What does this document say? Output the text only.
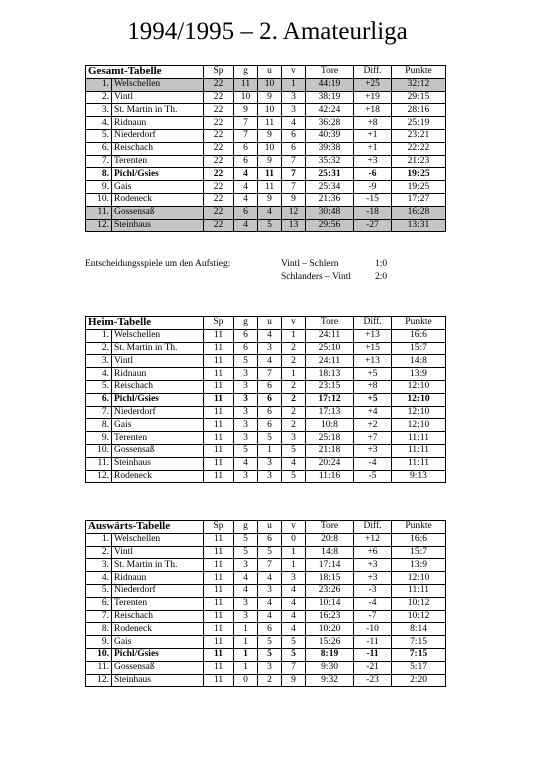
1994/1995 – 2. Amateurliga
Gesamt-Tabelle		Sp	g	u	v	Tore	Diff.	Punkte
1.	Welschellen	22	11	10	1	44:19	+25	32:12
2.	Vintl	22	10	9	3	38:19	+19	29:15
3.	St. Martin in Th.	22	9	10	3	42:24	+18	28:16
4.	Ridnaun	22	7	11	4	36:28	+8	25:19
5.	Niederdorf	22	7	9	6	40:39	+1	23:21
6.	Reischach	22	6	10	6	39:38	+1	22:22
7.	Terenten	22	6	9	7	35:32	+3	21:23
8.	Pichl/Gsies	22	4	11	7	25:31	-6	19:25
9.	Gais	22	4	11	7	25:34	-9	19:25
10.	Rodeneck	22	4	9	9	21:36	-15	17:27
11.	Gossensaß	22	6	4	12	30:48	-18	16:28
12.	Steinhaus	22	4	5	13	29:56	-27	13:31
Entscheidungsspiele um den Aufstieg:	Vintl – Schlern	1:0
Schlanders – Vintl	2:0
Heim-Tabelle		Sp	g	u	v	Tore	Diff.	Punkte
1.	Welschellen	11	6	4	1	24:11	+13	16:6
2.	St. Martin in Th.	11	6	3	2	25:10	+15	15:7
3.	Vintl	11	5	4	2	24:11	+13	14:8
4.	Ridnaun	11	3	7	1	18:13	+5	13:9
5.	Reischach	11	3	6	2	23:15	+8	12:10
6.	Pichl/Gsies	11	3	6	2	17:12	+5	12:10
7.	Niederdorf	11	3	6	2	17:13	+4	12:10
8.	Gais	11	3	6	2	10:8	+2	12:10
9.	Terenten	11	3	5	3	25:18	+7	11:11
10.	Gossensaß	11	5	1	5	21:18	+3	11:11
11.	Steinhaus	11	4	3	4	20:24	-4	11:11
12.	Rodeneck	11	3	3	5	11:16	-5	9:13
Auswärts-Tabelle		Sp	g	u	v	Tore	Diff.	Punkte
1.	Welschellen	11	5	6	0	20:8	+12	16:6
2.	Vintl	11	5	5	1	14:8	+6	15:7
3.	St. Martin in Th.	11	3	7	1	17:14	+3	13:9
4.	Ridnaun	11	4	4	3	18:15	+3	12:10
5.	Niederdorf	11	4	3	4	23:26	-3	11:11
6.	Terenten	11	3	4	4	10:14	-4	10:12
7.	Reischach	11	3	4	4	16:23	-7	10:12
8.	Rodeneck	11	1	6	4	10:20	-10	8:14
9.	Gais	11	1	5	5	15:26	-11	7:15
10.	Pichl/Gsies	11	1	5	5	8:19	-11	7:15
11.	Gossensaß	11	1	3	7	9:30	-21	5:17
12.	Steinhaus	11	0	2	9	9:32	-23	2:20
